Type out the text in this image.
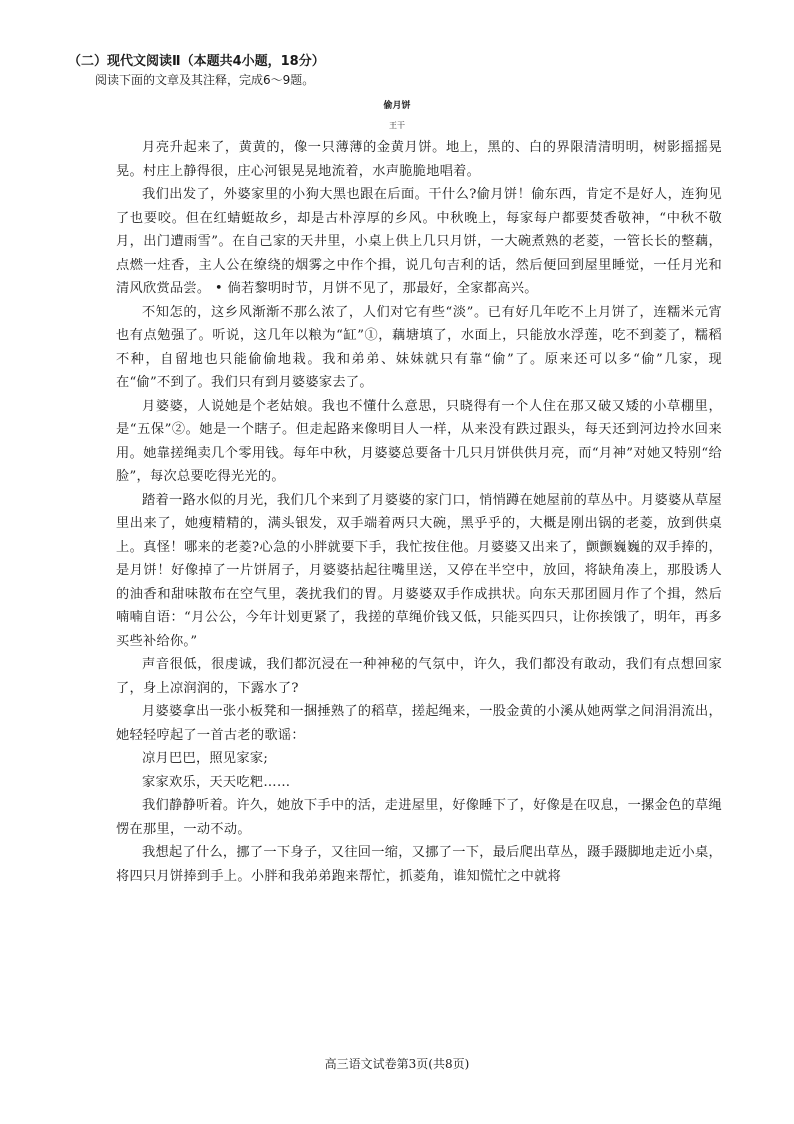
（二）现代文阅读Ⅱ（本题共4小题，18分）
阅读下面的文章及其注释，完成6～9题。
偷月饼
王干

月亮升起来了，黄黄的，像一只薄薄的金黄月饼。地上，黑的、白的界限清清明明，树影摇摇晃晃。村庄上静得很，庄心河银晃晃地流着，水声脆脆地唱着。

我们出发了，外婆家里的小狗大黑也跟在后面。干什么?偷月饼！偷东西，肯定不是好人，连狗见了也要咬。但在红蜻蜓故乡，却是古朴淳厚的乡风。中秋晚上，每家每户都要焚香敬神，“中秋不敬月，出门遭雨雪”。在自己家的天井里，小桌上供上几只月饼，一大碗煮熟的老菱，一管长长的整藕，点燃一炷香，主人公在缭绕的烟雾之中作个揖，说几句吉利的话，然后便回到屋里睡觉，一任月光和清风欣赏品尝。 • 倘若黎明时节，月饼不见了，那最好，全家都高兴。

不知怎的，这乡风渐渐不那么浓了，人们对它有些“淡”。已有好几年吃不上月饼了，连糯米元宵也有点勉强了。听说，这几年以粮为“缸”①，藕塘填了，水面上，只能放水浮莲，吃不到菱了，糯稻不种，自留地也只能偷偷地栽。我和弟弟、妹妹就只有靠“偷”了。原来还可以多“偷”几家，现在“偷”不到了。我们只有到月婆婆家去了。

月婆婆，人说她是个老姑娘。我也不懂什么意思，只晓得有一个人住在那又破又矮的小草棚里，是“五保”②。她是一个瞎子。但走起路来像明目人一样，从来没有跌过跟头，每天还到河边拎水回来用。她靠搓绳卖几个零用钱。每年中秋，月婆婆总要备十几只月饼供供月亮，而“月神”对她又特别“给脸”，每次总要吃得光光的。

踏着一路水似的月光，我们几个来到了月婆婆的家门口，悄悄蹲在她屋前的草丛中。月婆婆从草屋里出来了，她瘦精精的，满头银发，双手端着两只大碗，黑乎乎的，大概是刚出锅的老菱，放到供桌上。真怪！哪来的老菱?心急的小胖就要下手，我忙按住他。月婆婆又出来了，颤颤巍巍的双手捧的，是月饼！好像掉了一片饼屑子，月婆婆拈起往嘴里送，又停在半空中，放回，将缺角凑上，那股诱人的油香和甜味散布在空气里，袭扰我们的胃。月婆婆双手作成拱状。向东天那团圆月作了个揖，然后喃喃自语：“月公公，今年计划更紧了，我搓的草绳价钱又低，只能买四只，让你挨饿了，明年，再多买些补给你。”

声音很低，很虔诚，我们都沉浸在一种神秘的气氛中，许久，我们都没有敢动，我们有点想回家了，身上凉润润的，下露水了?

月婆婆拿出一张小板凳和一捆捶熟了的稻草，搓起绳来，一股金黄的小溪从她两掌之间涓涓流出，她轻轻哼起了一首古老的歌谣：

凉月巴巴，照见家家;

家家欢乐，天天吃粑……

我们静静听着。许久，她放下手中的活，走进屋里，好像睡下了，好像是在叹息，一摞金色的草绳愣在那里，一动不动。

我想起了什么，挪了一下身子，又往回一缩，又挪了一下，最后爬出草丛，蹑手蹑脚地走近小桌，将四只月饼捧到手上。小胖和我弟弟跑来帮忙，抓菱角，谁知慌忙之中就将

高三语文试卷第3页(共8页)
